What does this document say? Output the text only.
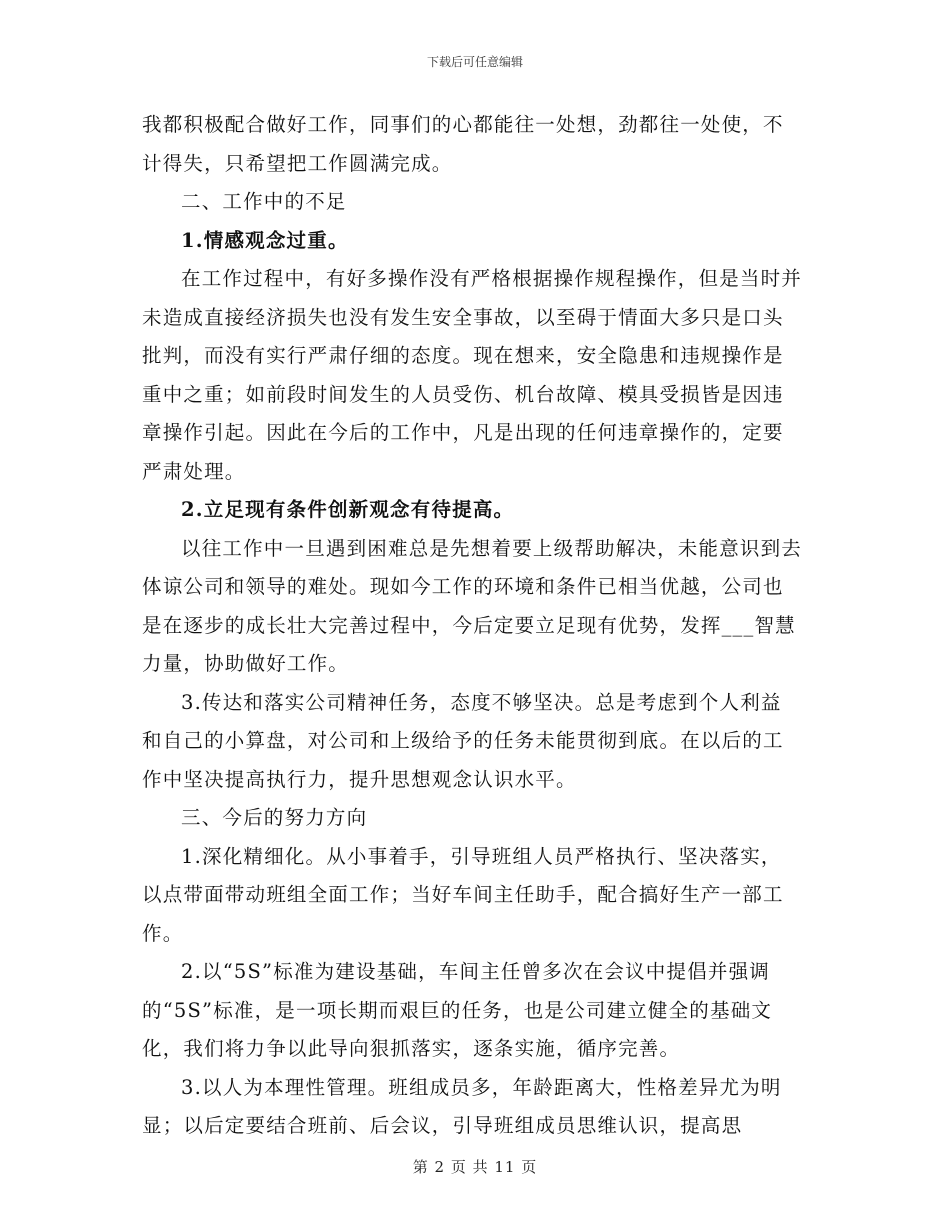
下载后可任意编辑

我都积极配合做好工作，同事们的心都能往一处想，劲都往一处使，不计得失，只希望把工作圆满完成。

二、工作中的不足

1.情感观念过重。

在工作过程中，有好多操作没有严格根据操作规程操作，但是当时并未造成直接经济损失也没有发生安全事故，以至碍于情面大多只是口头批判，而没有实行严肃仔细的态度。现在想来，安全隐患和违规操作是重中之重；如前段时间发生的人员受伤、机台故障、模具受损皆是因违章操作引起。因此在今后的工作中，凡是出现的任何违章操作的，定要严肃处理。

2.立足现有条件创新观念有待提高。

以往工作中一旦遇到困难总是先想着要上级帮助解决，未能意识到去体谅公司和领导的难处。现如今工作的环境和条件已相当优越，公司也是在逐步的成长壮大完善过程中，今后定要立足现有优势，发挥___智慧力量，协助做好工作。

3.传达和落实公司精神任务，态度不够坚决。总是考虑到个人利益和自己的小算盘，对公司和上级给予的任务未能贯彻到底。在以后的工作中坚决提高执行力，提升思想观念认识水平。

三、今后的努力方向

1.深化精细化。从小事着手，引导班组人员严格执行、坚决落实，以点带面带动班组全面工作；当好车间主任助手，配合搞好生产一部工作。

2.以“5S”标准为建设基础，车间主任曾多次在会议中提倡并强调的“5S”标准，是一项长期而艰巨的任务，也是公司建立健全的基础文化，我们将力争以此导向狠抓落实，逐条实施，循序完善。

3.以人为本理性管理。班组成员多，年龄距离大，性格差异尤为明显；以后定要结合班前、后会议，引导班组成员思维认识，提高思

第 2 页 共 11 页
